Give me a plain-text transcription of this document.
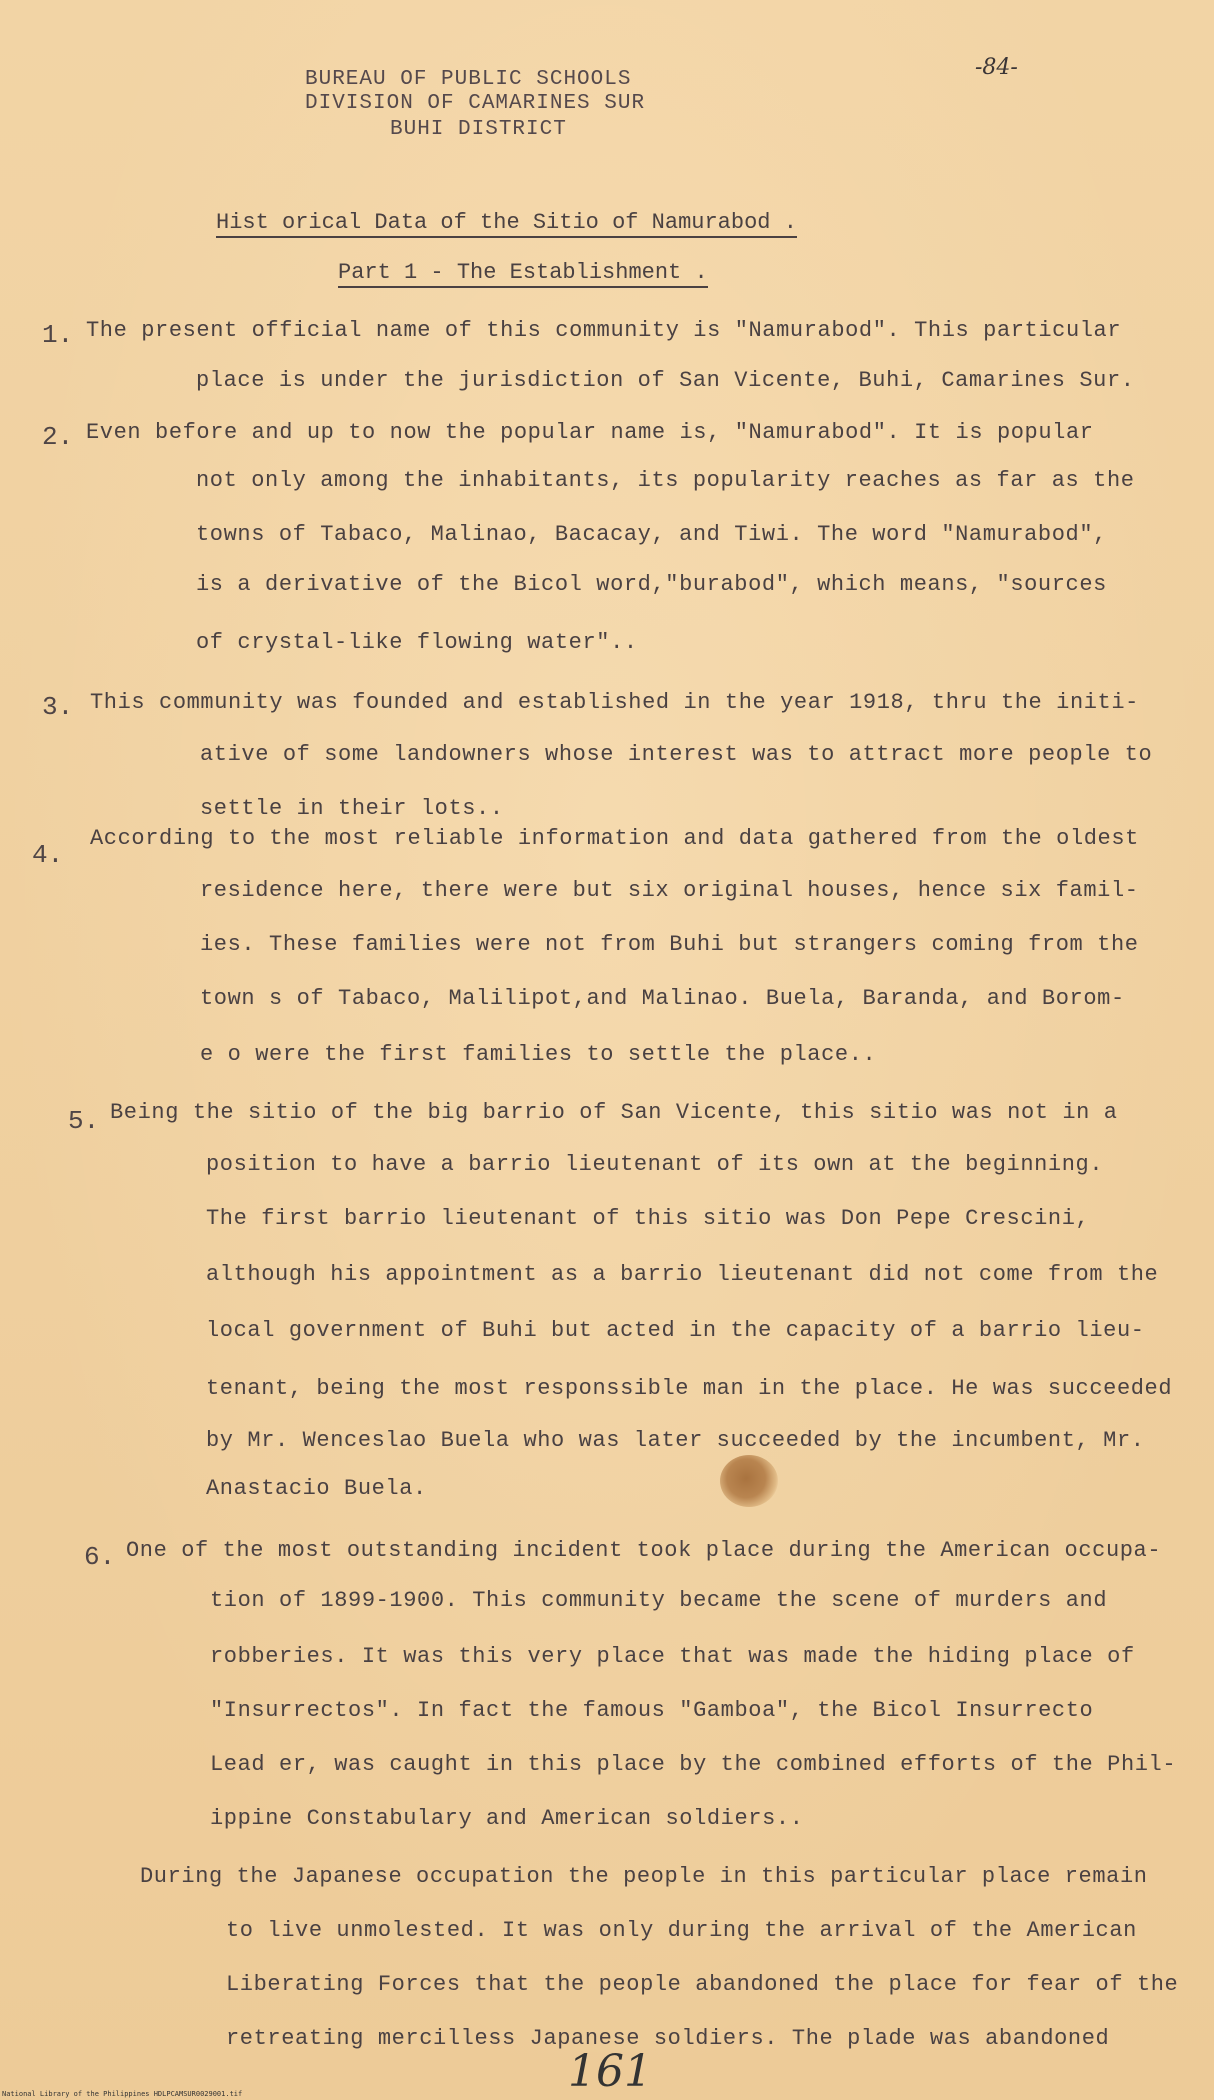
BUREAU OF PUBLIC SCHOOLS
DIVISION OF CAMARINES SUR
BUHI DISTRICT
-84-
Hist orical Data of the Sitio of Namurabod .
Part 1 - The Establishment .
1. The present official name of this community is "Namurabod". This particular
place is under the jurisdiction of San Vicente, Buhi, Camarines Sur.
2. Even before and up to now the popular name is, "Namurabod". It is popular
not only among the inhabitants, its popularity reaches as far as the
towns of Tabaco, Malinao, Bacacay, and Tiwi. The word "Namurabod",
is a derivative of the Bicol word,"burabod", which means, "sources
of crystal-like flowing water"..
3. This community was founded and established in the year 1918, thru the initi-
ative of some landowners whose interest was to attract more people to
settle in their lots..
4.
According to the most reliable information and data gathered from the oldest
residence here, there were but six original houses, hence six famil-
ies. These families were not from Buhi but strangers coming from the
town s of Tabaco, Malilipot,and Malinao. Buela, Baranda, and Borom-
e o were the first families to settle the place..
5. Being the sitio of the big barrio of San Vicente, this sitio was not in a
position to have a barrio lieutenant of its own at the beginning.
The first barrio lieutenant of this sitio was Don Pepe Crescini,
although his appointment as a barrio lieutenant did not come from the
local government of Buhi but acted in the capacity of a barrio lieu-
tenant, being the most responssible man in the place. He was succeeded
by Mr. Wenceslao Buela who was later succeeded by the incumbent, Mr.
Anastacio Buela.
6. One of the most outstanding incident took place during the American occupa-
tion of 1899-1900. This community became the scene of murders and
robberies. It was this very place that was made the hiding place of
"Insurrectos". In fact the famous "Gamboa", the Bicol Insurrecto
Lead er, was caught in this place by the combined efforts of the Phil-
ippine Constabulary and American soldiers..
During the Japanese occupation the people in this particular place remain
to live unmolested. It was only during the arrival of the American
Liberating Forces that the people abandoned the place for fear of the
retreating mercilless Japanese soldiers. The plade was abandoned
161
National Library of the Philippines HDLPCAMSUR0029001.tif
